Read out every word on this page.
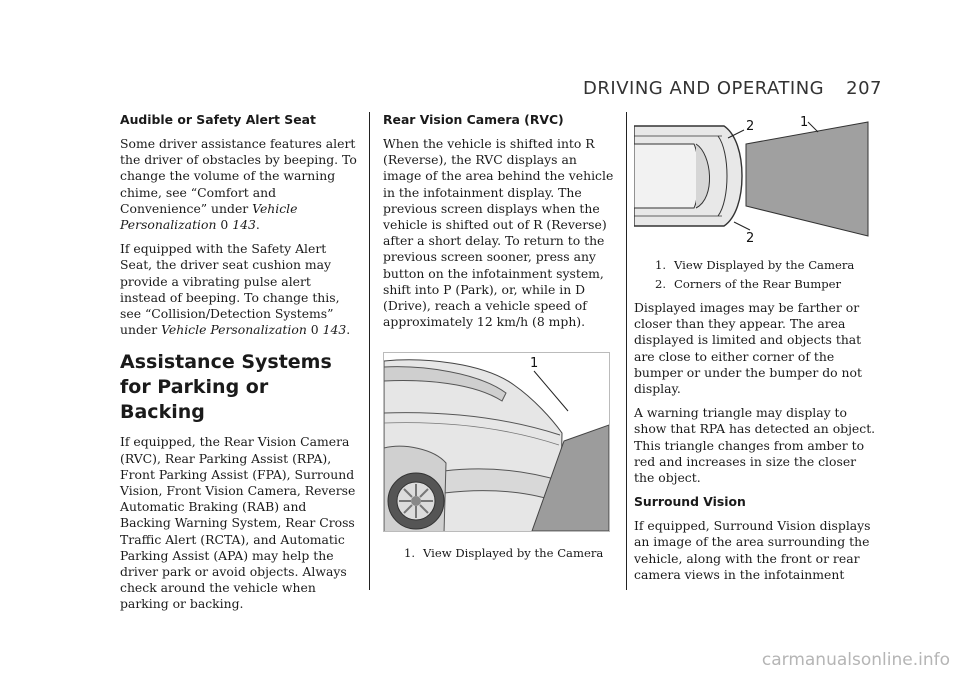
DRIVING AND OPERATING 207
Audible or Safety Alert Seat

Some driver assistance features alert the driver of obstacles by beeping. To change the volume of the warning chime, see “Comfort and Convenience” under Vehicle Personalization 0 143.

If equipped with the Safety Alert Seat, the driver seat cushion may provide a vibrating pulse alert instead of beeping. To change this, see “Collision/Detection Systems” under Vehicle Personalization 0 143.

Assistance Systems for Parking or Backing

If equipped, the Rear Vision Camera (RVC), Rear Parking Assist (RPA), Front Parking Assist (FPA), Surround Vision, Front Vision Camera, Reverse Automatic Braking (RAB) and Backing Warning System, Rear Cross Traffic Alert (RCTA), and Automatic Parking Assist (APA) may help the driver park or avoid objects. Always check around the vehicle when parking or backing.

Rear Vision Camera (RVC)

When the vehicle is shifted into R (Reverse), the RVC displays an image of the area behind the vehicle in the infotainment display. The previous screen displays when the vehicle is shifted out of R (Reverse) after a short delay. To return to the previous screen sooner, press any button on the infotainment system, shift into P (Park), or, while in D (Drive), reach a vehicle speed of approximately 12 km/h (8 mph).

1
1. View Displayed by the Camera
2	1
2
1. View Displayed by the Camera
2. Corners of the Rear Bumper

Displayed images may be farther or closer than they appear. The area displayed is limited and objects that are close to either corner of the bumper or under the bumper do not display.

A warning triangle may display to show that RPA has detected an object. This triangle changes from amber to red and increases in size the closer the object.

Surround Vision

If equipped, Surround Vision displays an image of the area surrounding the vehicle, along with the front or rear camera views in the infotainment

carmanualsonline.info
